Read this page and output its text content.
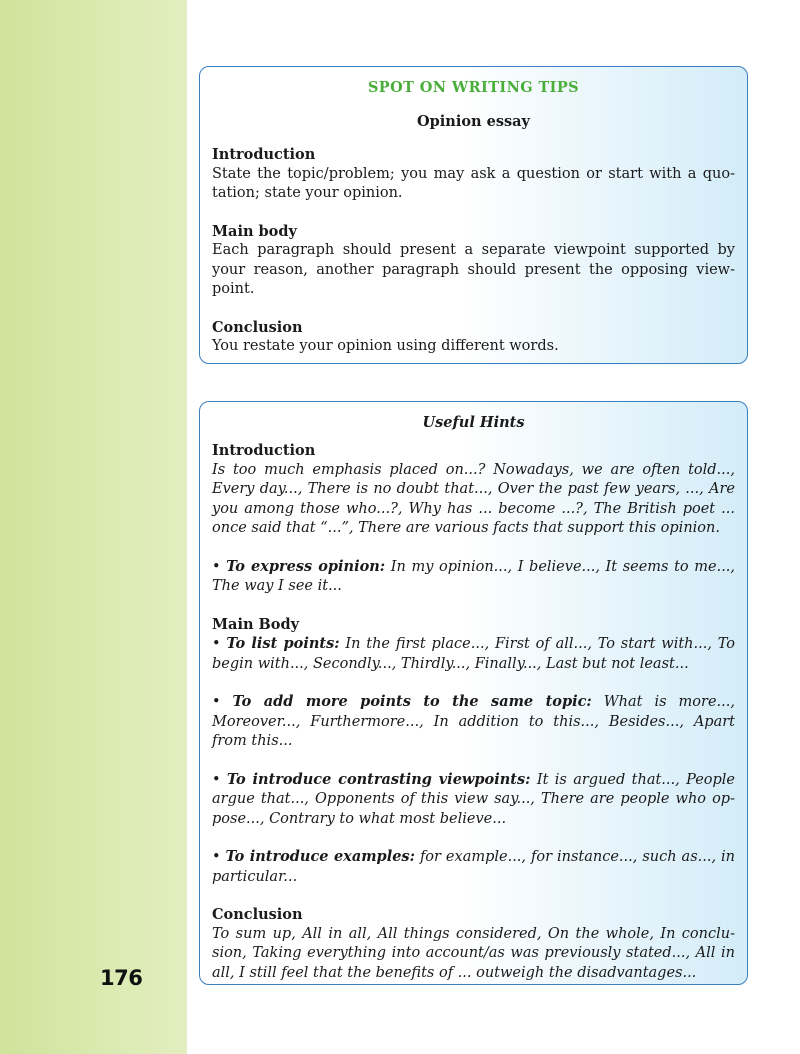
176
SPOT ON WRITING TIPS
Opinion essay
Introduction

State the topic/problem; you may ask a question or start with a quo-tation; state your opinion.

Main body

Each paragraph should present a separate viewpoint supported by your reason, another paragraph should present the opposing view-point.

Conclusion

You restate your opinion using different words.

Useful Hints
Introduction

Is too much emphasis placed on...? Nowadays, we are often told..., Every day..., There is no doubt that..., Over the past few years, ..., Are you among those who...?, Why has ... become ...?, The British poet ... once said that “...”, There are various facts that support this opinion.

• To express opinion: In my opinion..., I believe..., It seems to me..., The way I see it...

Main Body

• To list points: In the first place..., First of all..., To start with..., To begin with..., Secondly..., Thirdly..., Finally..., Last but not least...

• To add more points to the same topic: What is more..., Moreover..., Furthermore..., In addition to this..., Besides..., Apart from this...

• To introduce contrasting viewpoints: It is argued that..., People argue that..., Opponents of this view say..., There are people who op-pose..., Contrary to what most believe...

• To introduce examples: for example..., for instance..., such as..., in particular...

Conclusion

To sum up, All in all, All things considered, On the whole, In conclu-sion, Taking everything into account/as was previously stated..., All in all, I still feel that the benefits of ... outweigh the disadvantages...
